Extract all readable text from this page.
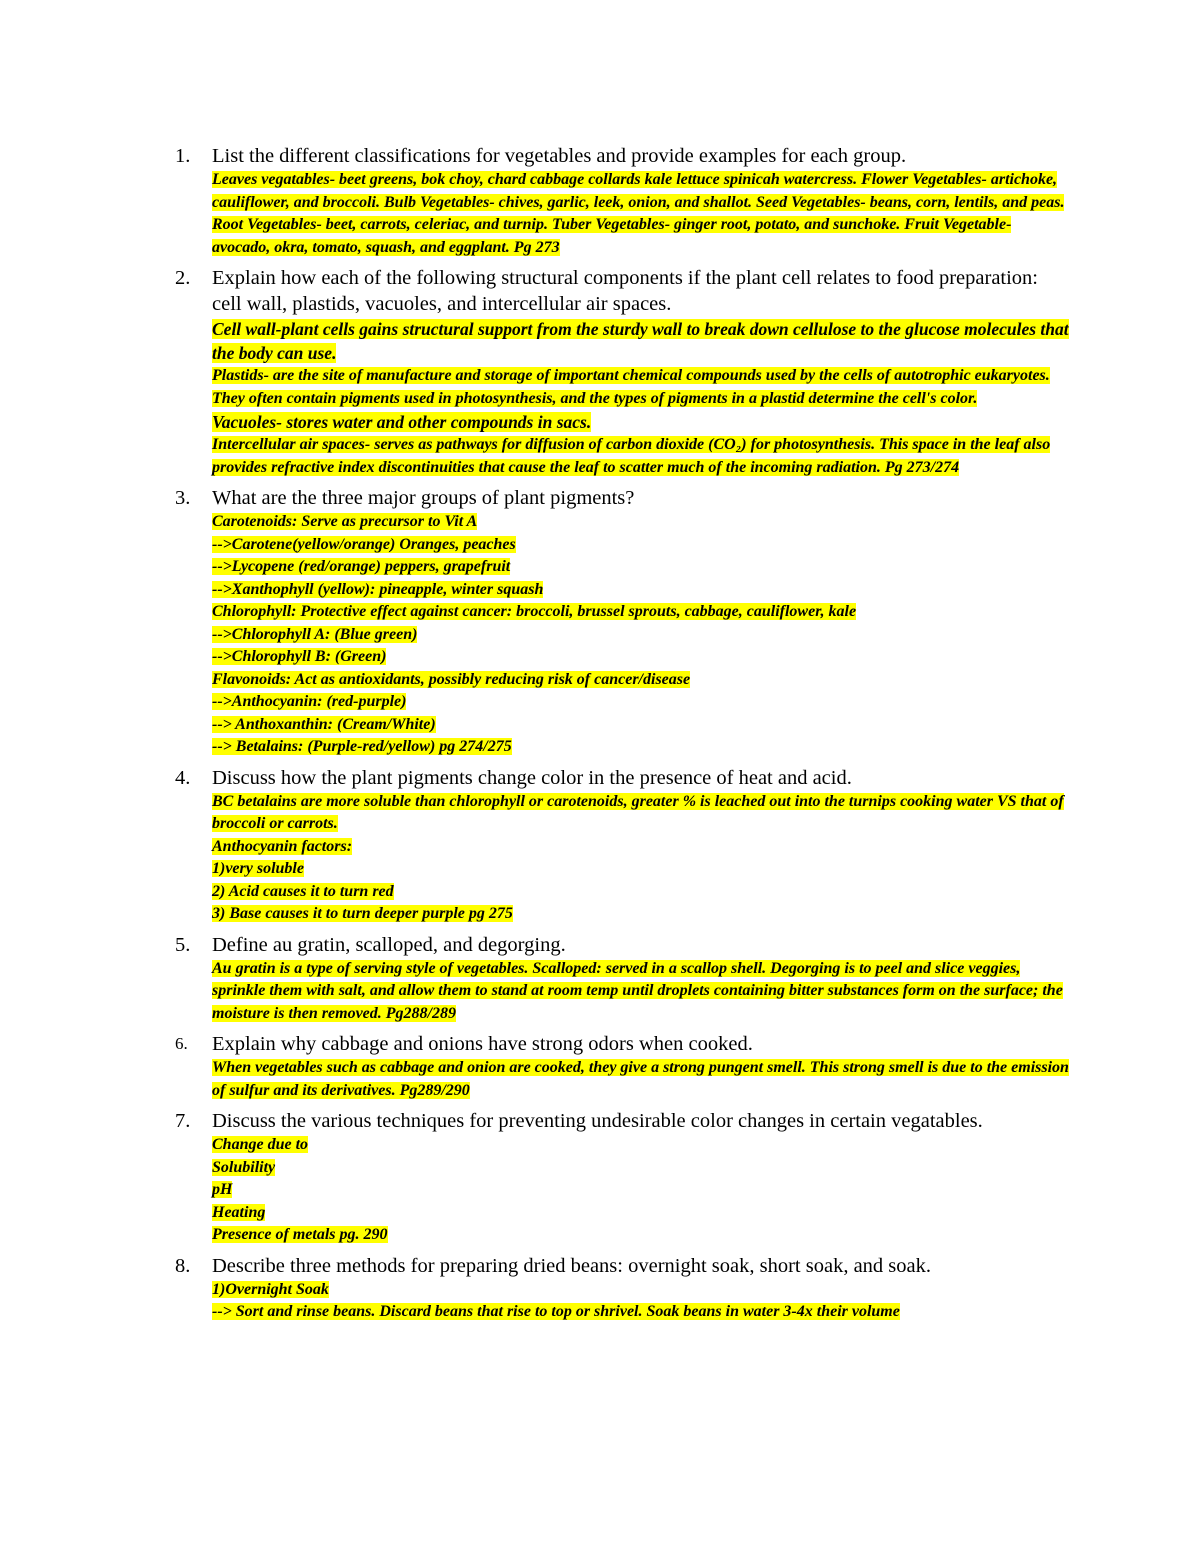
1. List the different classifications for vegetables and provide examples for each group.

Leaves vegatables- beet greens, bok choy, chard cabbage collards kale lettuce spinicah watercress. Flower Vegetables- artichoke, cauliflower, and broccoli. Bulb Vegetables- chives, garlic, leek, onion, and shallot. Seed Vegetables- beans, corn, lentils, and peas. Root Vegetables- beet, carrots, celeriac, and turnip. Tuber Vegetables- ginger root, potato, and sunchoke. Fruit Vegetable- avocado, okra, tomato, squash, and eggplant. Pg 273

2. Explain how each of the following structural components if the plant cell relates to food preparation: cell wall, plastids, vacuoles, and intercellular air spaces.

Cell wall-plant cells gains structural support from the sturdy wall to break down cellulose to the glucose molecules that the body can use.

Plastids- are the site of manufacture and storage of important chemical compounds used by the cells of autotrophic eukaryotes. They often contain pigments used in photosynthesis, and the types of pigments in a plastid determine the cell's color.

Vacuoles- stores water and other compounds in sacs.

Intercellular air spaces- serves as pathways for diffusion of carbon dioxide (CO₂) for photosynthesis. This space in the leaf also provides refractive index discontinuities that cause the leaf to scatter much of the incoming radiation. Pg 273/274

3. What are the three major groups of plant pigments?

Carotenoids: Serve as precursor to Vit A

-->Carotene(yellow/orange) Oranges, peaches

-->Lycopene (red/orange) peppers, grapefruit

-->Xanthophyll (yellow): pineapple, winter squash

Chlorophyll: Protective effect against cancer: broccoli, brussel sprouts, cabbage, cauliflower, kale

-->Chlorophyll A: (Blue green)

-->Chlorophyll B: (Green)

Flavonoids: Act as antioxidants, possibly reducing risk of cancer/disease

-->Anthocyanin: (red-purple)

--> Anthoxanthin: (Cream/White)

--> Betalains: (Purple-red/yellow) pg 274/275

4. Discuss how the plant pigments change color in the presence of heat and acid.

BC betalains are more soluble than chlorophyll or carotenoids, greater % is leached out into the turnips cooking water VS that of broccoli or carrots.

Anthocyanin factors:

1)very soluble

2) Acid causes it to turn red

3) Base causes it to turn deeper purple pg 275

5. Define au gratin, scalloped, and degorging.

Au gratin is a type of serving style of vegetables. Scalloped: served in a scallop shell. Degorging is to peel and slice veggies, sprinkle them with salt, and allow them to stand at room temp until droplets containing bitter substances form on the surface; the moisture is then removed. Pg288/289

6. Explain why cabbage and onions have strong odors when cooked.

When vegetables such as cabbage and onion are cooked, they give a strong pungent smell. This strong smell is due to the emission of sulfur and its derivatives. Pg289/290

7. Discuss the various techniques for preventing undesirable color changes in certain vegatables.

Change due to

Solubility

pH

Heating

Presence of metals pg. 290

8. Describe three methods for preparing dried beans: overnight soak, short soak, and soak.

1)Overnight Soak

--> Sort and rinse beans. Discard beans that rise to top or shrivel. Soak beans in water 3-4x their volume
